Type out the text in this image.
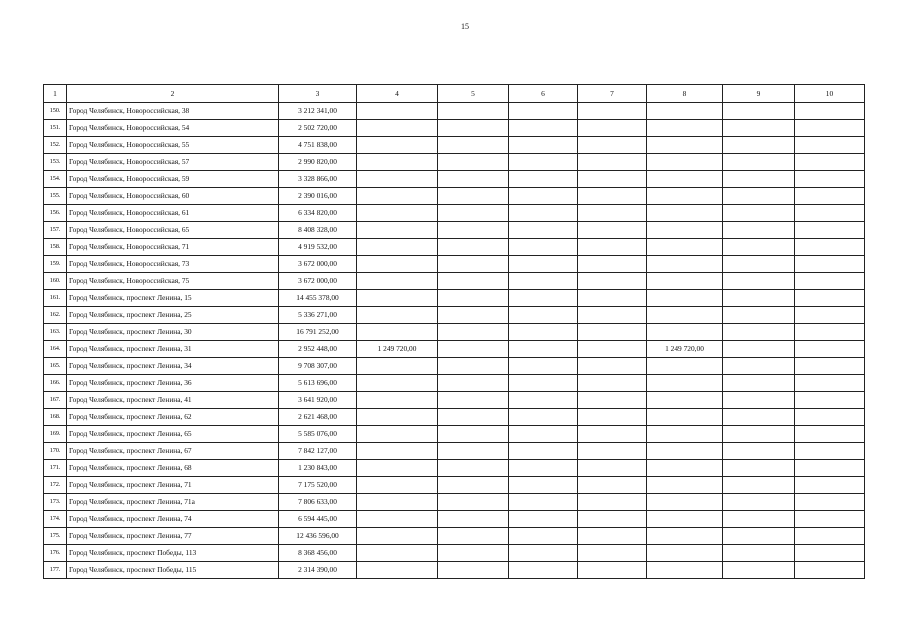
15
1	2	3	4	5	6	7	8	9	10
150.	Город Челябинск, Новороссийская, 38	3 212 341,00							
151.	Город Челябинск, Новороссийская, 54	2 502 720,00							
152.	Город Челябинск, Новороссийская, 55	4 751 838,00							
153.	Город Челябинск, Новороссийская, 57	2 990 820,00							
154.	Город Челябинск, Новороссийская, 59	3 328 866,00							
155.	Город Челябинск, Новороссийская, 60	2 390 016,00							
156.	Город Челябинск, Новороссийская, 61	6 334 820,00							
157.	Город Челябинск, Новороссийская, 65	8 408 328,00							
158.	Город Челябинск, Новороссийская, 71	4 919 532,00							
159.	Город Челябинск, Новороссийская, 73	3 672 000,00							
160.	Город Челябинск, Новороссийская, 75	3 672 000,00							
161.	Город Челябинск, проспект Ленина, 15	14 455 378,00							
162.	Город Челябинск, проспект Ленина, 25	5 336 271,00							
163.	Город Челябинск, проспект Ленина, 30	16 791 252,00							
164.	Город Челябинск, проспект Ленина, 31	2 952 448,00	1 249 720,00				1 249 720,00		
165.	Город Челябинск, проспект Ленина, 34	9 708 307,00							
166.	Город Челябинск, проспект Ленина, 36	5 613 696,00							
167.	Город Челябинск, проспект Ленина, 41	3 641 920,00							
168.	Город Челябинск, проспект Ленина, 62	2 621 468,00							
169.	Город Челябинск, проспект Ленина, 65	5 585 076,00							
170.	Город Челябинск, проспект Ленина, 67	7 842 127,00							
171.	Город Челябинск, проспект Ленина, 68	1 230 843,00							
172.	Город Челябинск, проспект Ленина, 71	7 175 520,00							
173.	Город Челябинск, проспект Ленина, 71а	7 806 633,00							
174.	Город Челябинск, проспект Ленина, 74	6 594 445,00							
175.	Город Челябинск, проспект Ленина, 77	12 436 596,00							
176.	Город Челябинск, проспект Победы, 113	8 368 456,00							
177.	Город Челябинск, проспект Победы, 115	2 314 390,00							
